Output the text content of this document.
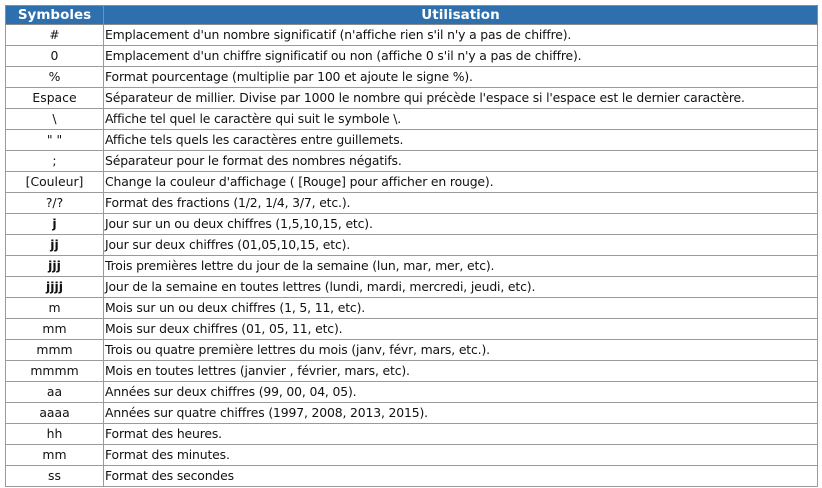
Symboles	Utilisation
#	Emplacement d'un nombre significatif (n'affiche rien s'il n'y a pas de chiffre).
0	Emplacement d'un chiffre significatif ou non (affiche 0 s'il n'y a pas de chiffre).
%	Format pourcentage (multiplie par 100 et ajoute le signe %).
Espace	Séparateur de millier. Divise par 1000 le nombre qui précède l'espace si l'espace est le dernier caractère.
\	Affiche tel quel le caractère qui suit le symbole \.
" "	Affiche tels quels les caractères entre guillemets.
;	Séparateur pour le format des nombres négatifs.
[Couleur]	Change la couleur d'affichage ( [Rouge] pour afficher en rouge).
?/?	Format des fractions (1/2, 1/4, 3/7, etc.).
j	Jour sur un ou deux chiffres (1,5,10,15, etc).
jj	Jour sur deux chiffres (01,05,10,15, etc).
jjj	Trois premières lettre du jour de la semaine (lun, mar, mer, etc).
jjjj	Jour de la semaine en toutes lettres (lundi, mardi, mercredi, jeudi, etc).
m	Mois sur un ou deux chiffres (1, 5, 11, etc).
mm	Mois sur deux chiffres (01, 05, 11, etc).
mmm	Trois ou quatre première lettres du mois (janv, févr, mars, etc.).
mmmm	Mois en toutes lettres (janvier , février, mars, etc).
aa	Années sur deux chiffres (99, 00, 04, 05).
aaaa	Années sur quatre chiffres (1997, 2008, 2013, 2015).
hh	Format des heures.
mm	Format des minutes.
ss	Format des secondes
